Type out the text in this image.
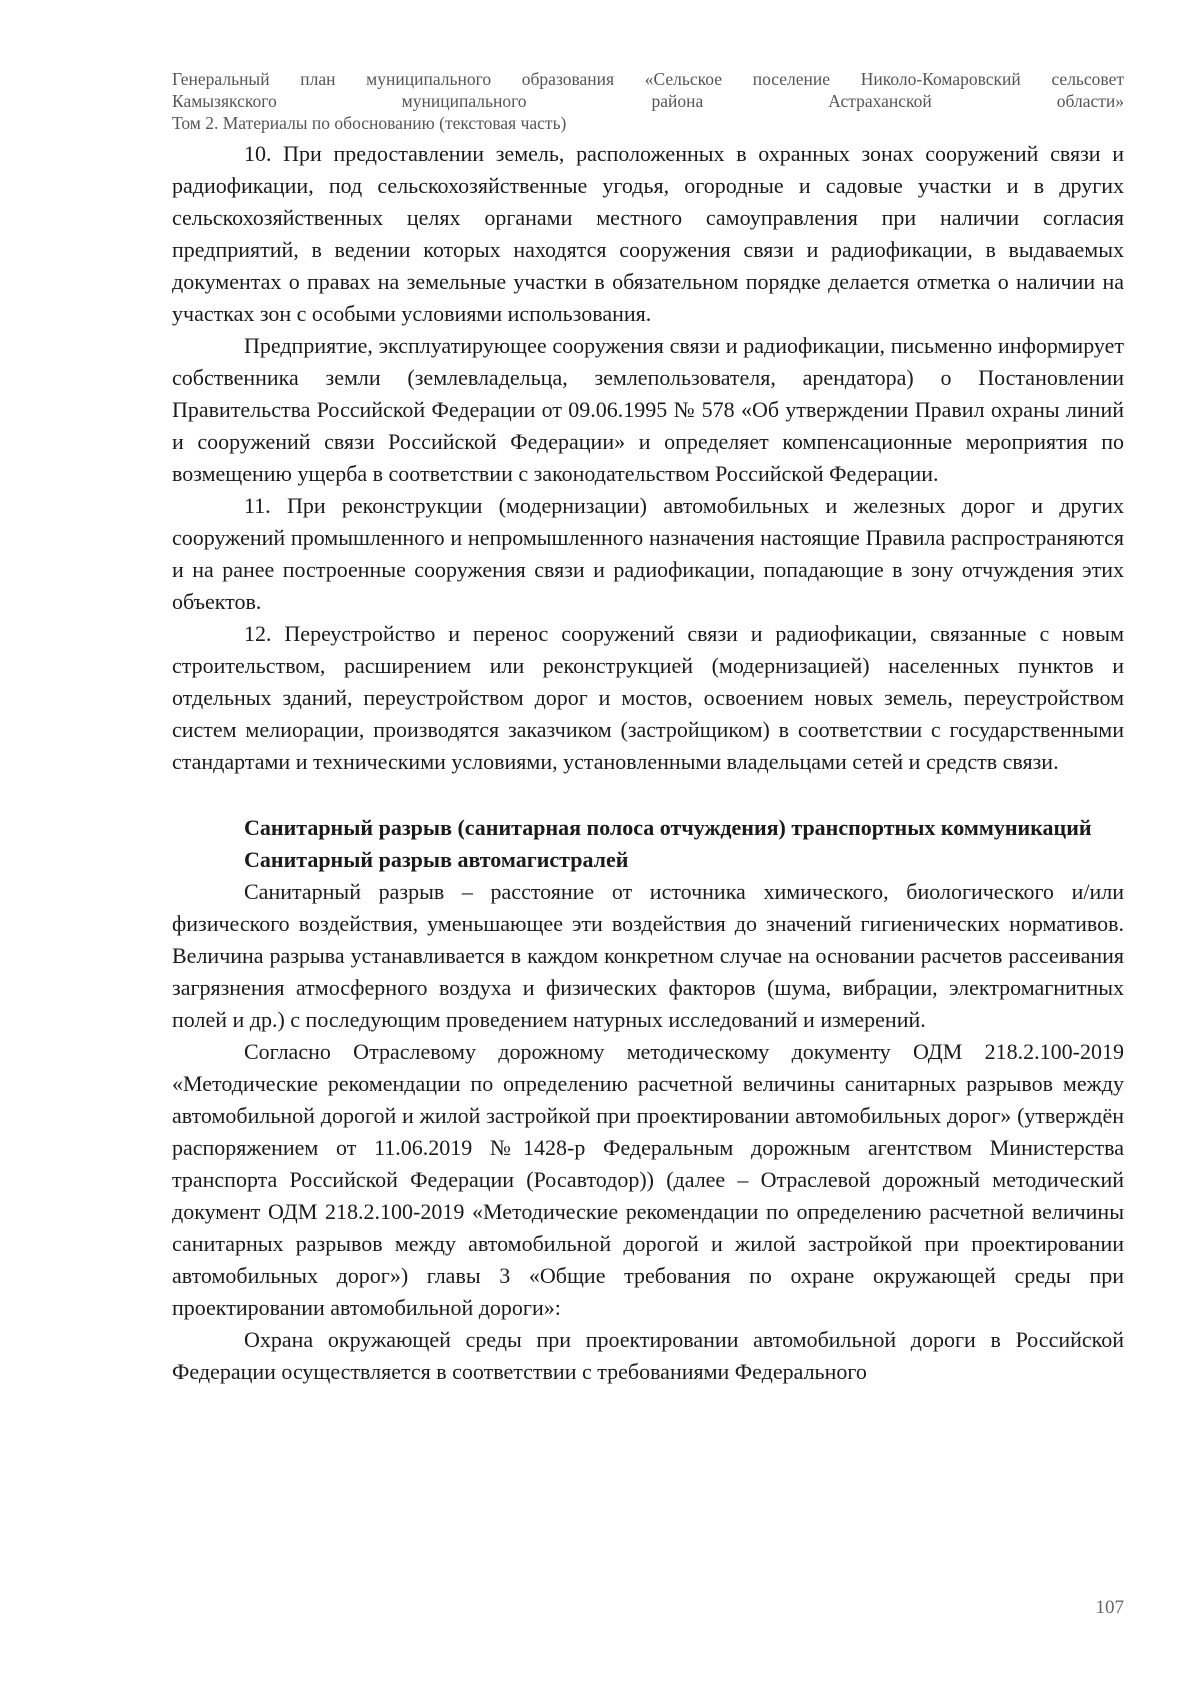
Генеральный план муниципального образования «Сельское поселение Николо-Комаровский сельсовет
Камызякского муниципального района Астраханской области»
Том 2. Материалы по обоснованию (текстовая часть)

10. При предоставлении земель, расположенных в охранных зонах сооружений связи и радиофикации, под сельскохозяйственные угодья, огородные и садовые участки и в других сельскохозяйственных целях органами местного самоуправления при наличии согласия предприятий, в ведении которых находятся сооружения связи и радиофикации, в выдаваемых документах о правах на земельные участки в обязательном порядке делается отметка о наличии на участках зон с особыми условиями использования.

Предприятие, эксплуатирующее сооружения связи и радиофикации, письменно информирует собственника земли (землевладельца, землепользователя, арендатора) о Постановлении Правительства Российской Федерации от 09.06.1995 № 578 «Об утверждении Правил охраны линий и сооружений связи Российской Федерации» и определяет компенсационные мероприятия по возмещению ущерба в соответствии с законодательством Российской Федерации.

11. При реконструкции (модернизации) автомобильных и железных дорог и других сооружений промышленного и непромышленного назначения настоящие Правила распространяются и на ранее построенные сооружения связи и радиофикации, попадающие в зону отчуждения этих объектов.

12. Переустройство и перенос сооружений связи и радиофикации, связанные с новым строительством, расширением или реконструкцией (модернизацией) населенных пунктов и отдельных зданий, переустройством дорог и мостов, освоением новых земель, переустройством систем мелиорации, производятся заказчиком (застройщиком) в соответствии с государственными стандартами и техническими условиями, установленными владельцами сетей и средств связи.

Санитарный разрыв (санитарная полоса отчуждения) транспортных коммуникаций

Санитарный разрыв автомагистралей

Санитарный разрыв – расстояние от источника химического, биологического и/или физического воздействия, уменьшающее эти воздействия до значений гигиенических нормативов. Величина разрыва устанавливается в каждом конкретном случае на основании расчетов рассеивания загрязнения атмосферного воздуха и физических факторов (шума, вибрации, электромагнитных полей и др.) с последующим проведением натурных исследований и измерений.

Согласно Отраслевому дорожному методическому документу ОДМ 218.2.100-2019 «Методические рекомендации по определению расчетной величины санитарных разрывов между автомобильной дорогой и жилой застройкой при проектировании автомобильных дорог» (утверждён распоряжением от 11.06.2019 №1428-р Федеральным дорожным агентством Министерства транспорта Российской Федерации (Росавтодор)) (далее – Отраслевой дорожный методический документ ОДМ 218.2.100-2019 «Методические рекомендации по определению расчетной величины санитарных разрывов между автомобильной дорогой и жилой застройкой при проектировании автомобильных дорог») главы 3 «Общие требования по охране окружающей среды при проектировании автомобильной дороги»:

Охрана окружающей среды при проектировании автомобильной дороги в Российской Федерации осуществляется в соответствии с требованиями Федерального

107
